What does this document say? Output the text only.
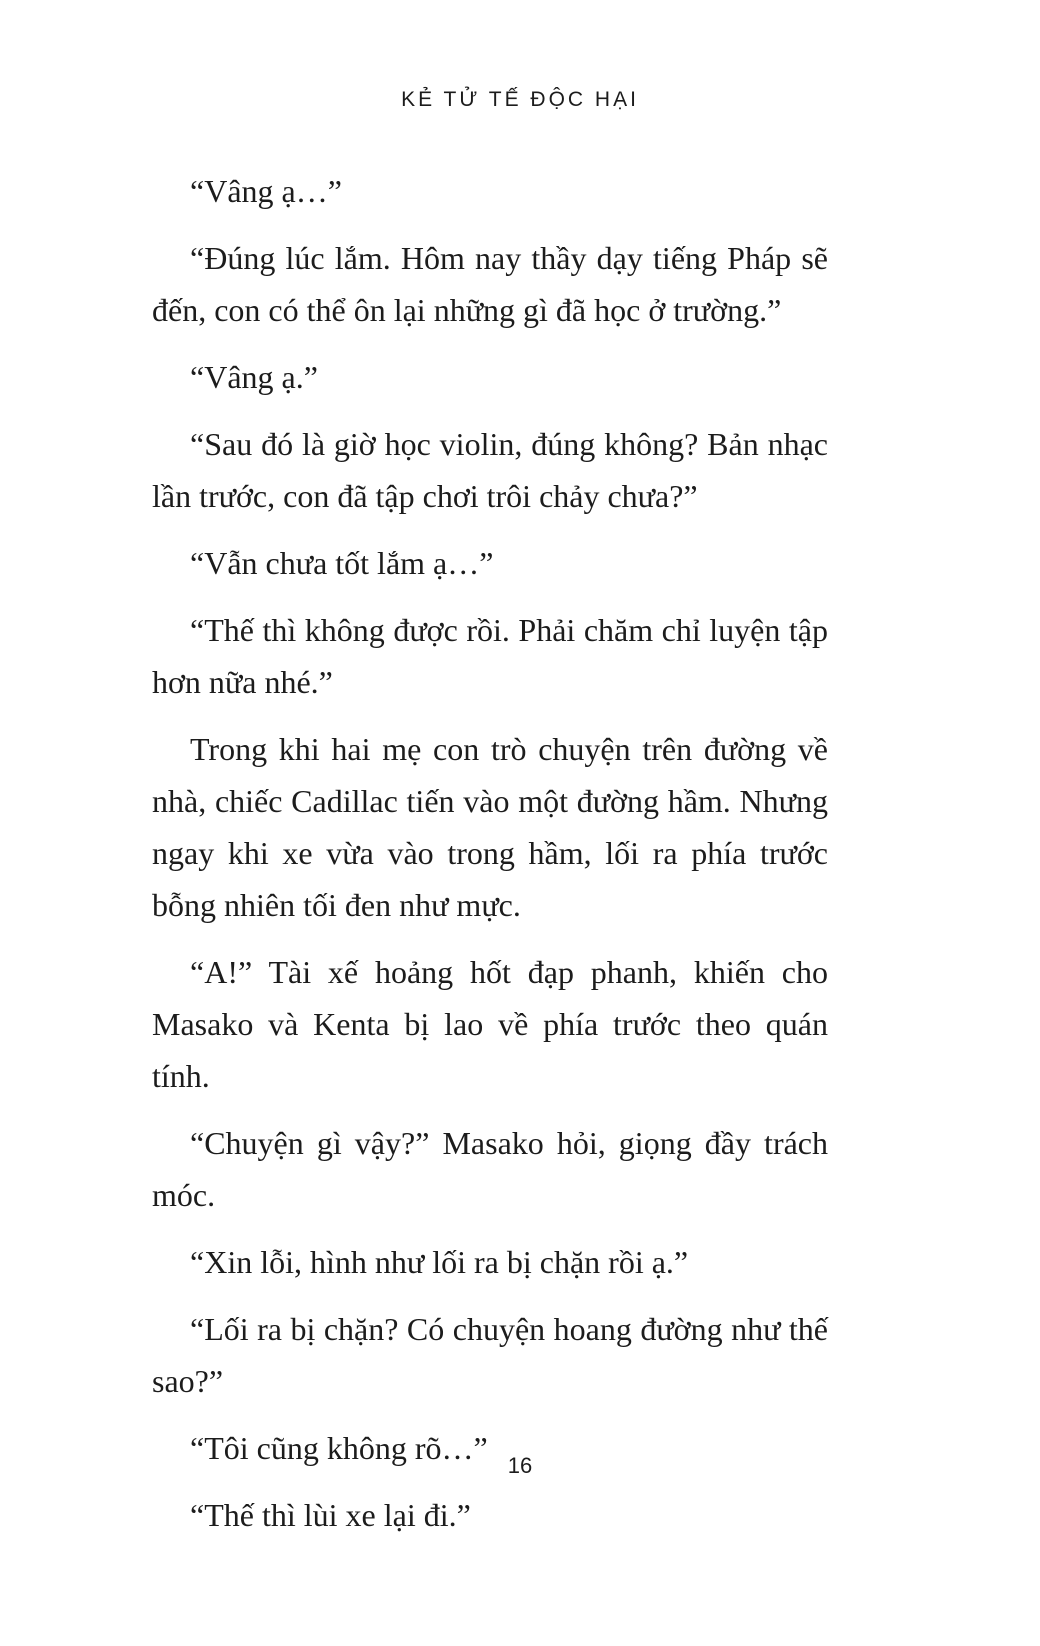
KẺ TỬ TẾ ĐỘC HẠI

“Vâng ạ…”

“Đúng lúc lắm. Hôm nay thầy dạy tiếng Pháp sẽ đến, con có thể ôn lại những gì đã học ở trường.”

“Vâng ạ.”

“Sau đó là giờ học violin, đúng không? Bản nhạc lần trước, con đã tập chơi trôi chảy chưa?”

“Vẫn chưa tốt lắm ạ…”

“Thế thì không được rồi. Phải chăm chỉ luyện tập hơn nữa nhé.”

Trong khi hai mẹ con trò chuyện trên đường về nhà, chiếc Cadillac tiến vào một đường hầm. Nhưng ngay khi xe vừa vào trong hầm, lối ra phía trước bỗng nhiên tối đen như mực.

“A!” Tài xế hoảng hốt đạp phanh, khiến cho Masako và Kenta bị lao về phía trước theo quán tính.

“Chuyện gì vậy?” Masako hỏi, giọng đầy trách móc.

“Xin lỗi, hình như lối ra bị chặn rồi ạ.”

“Lối ra bị chặn? Có chuyện hoang đường như thế sao?”

“Tôi cũng không rõ…”

“Thế thì lùi xe lại đi.”

16
